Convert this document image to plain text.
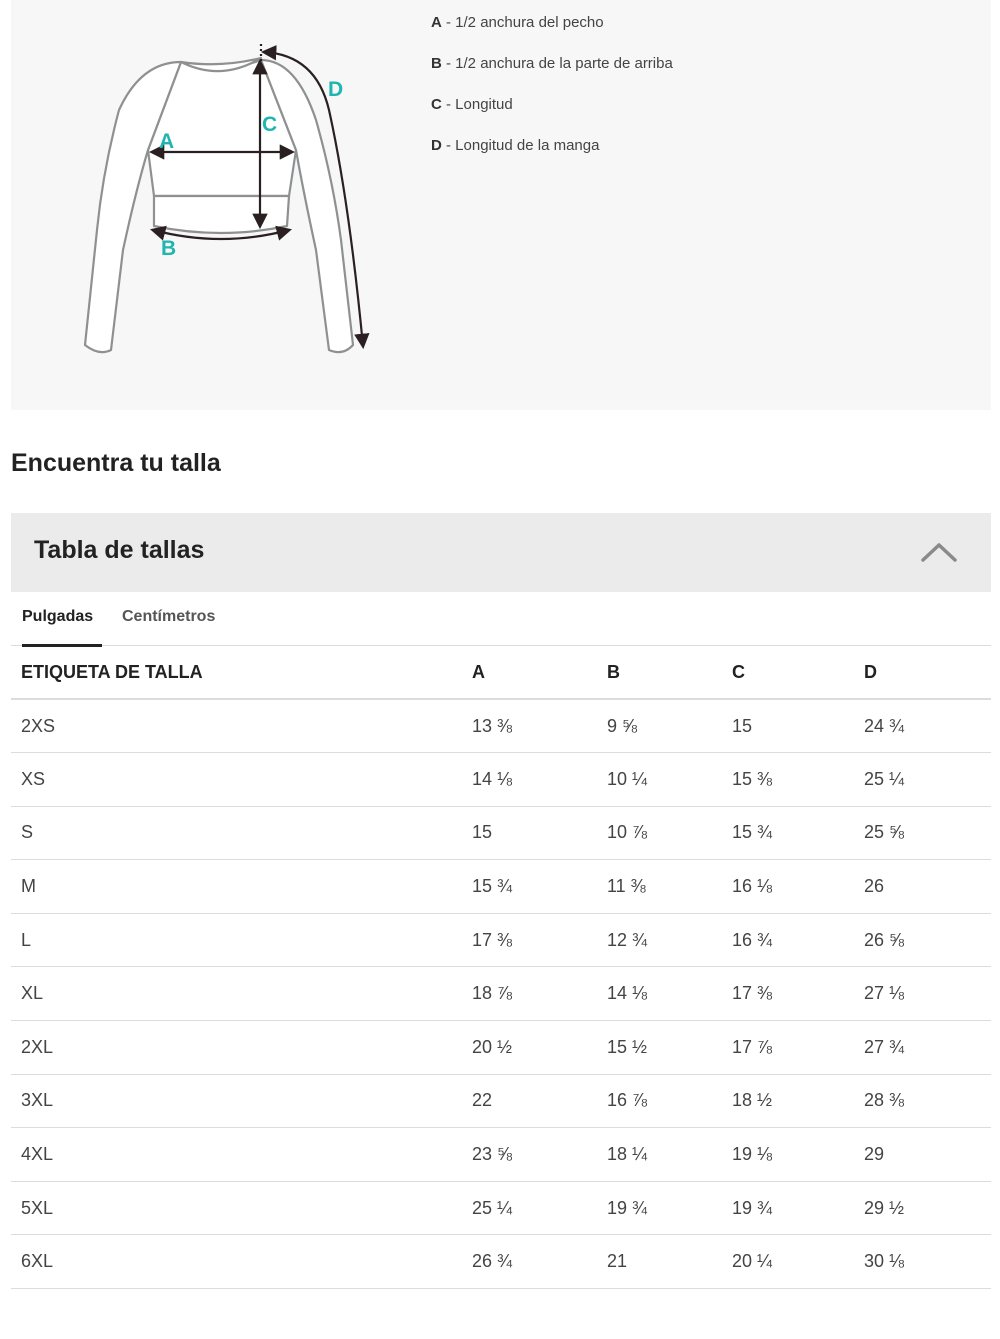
A
B
C
D
A - 1/2 anchura del pecho
B - 1/2 anchura de la parte de arriba
C - Longitud
D - Longitud de la manga
Encuentra tu talla
Tabla de tallas
Pulgadas	Centímetros
ETIQUETA DE TALLA	A	B	C	D
2XS	13 ⅜	9 ⅝	15	24 ¾
XS	14 ⅛	10 ¼	15 ⅜	25 ¼
S	15	10 ⅞	15 ¾	25 ⅝
M	15 ¾	11 ⅜	16 ⅛	26
L	17 ⅜	12 ¾	16 ¾	26 ⅝
XL	18 ⅞	14 ⅛	17 ⅜	27 ⅛
2XL	20 ½	15 ½	17 ⅞	27 ¾
3XL	22	16 ⅞	18 ½	28 ⅜
4XL	23 ⅝	18 ¼	19 ⅛	29
5XL	25 ¼	19 ¾	19 ¾	29 ½
6XL	26 ¾	21	20 ¼	30 ⅛
